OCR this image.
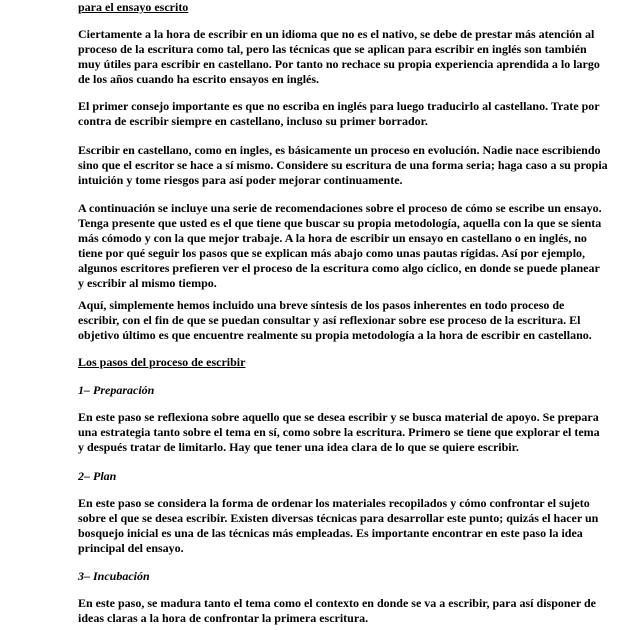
para el ensayo escrito
Ciertamente a la hora de escribir en un idioma que no es el nativo, se debe de prestar más atención al
proceso de la escritura como tal, pero las técnicas que se aplican para escribir en inglés son también
muy útiles para escribir en castellano. Por tanto no rechace su propia experiencia aprendida a lo largo
de los años cuando ha escrito ensayos en inglés.
El primer consejo importante es que no escriba en inglés para luego traducirlo al castellano. Trate por
contra de escribir siempre en castellano, incluso su primer borrador.
Escribir en castellano, como en ingles, es básicamente un proceso en evolución. Nadie nace escribiendo
sino que el escritor se hace a sí mismo. Considere su escritura de una forma seria; haga caso a su propia
intuición y tome riesgos para así poder mejorar continuamente.
A continuación se incluye una serie de recomendaciones sobre el proceso de cómo se escribe un ensayo.
Tenga presente que usted es el que tiene que buscar su propia metodología, aquella con la que se sienta
más cómodo y con la que mejor trabaje. A la hora de escribir un ensayo en castellano o en inglés, no
tiene por qué seguir los pasos que se explican más abajo como unas pautas rígidas. Así por ejemplo,
algunos escritores prefieren ver el proceso de la escritura como algo cíclico, en donde se puede planear
y escribir al mismo tiempo.
Aquí, simplemente hemos incluido una breve síntesis de los pasos inherentes en todo proceso de
escribir, con el fin de que se puedan consultar y así reflexionar sobre ese proceso de la escritura. El
objetivo último es que encuentre realmente su propia metodología a la hora de escribir en castellano.
Los pasos del proceso de escribir
1– Preparación
En este paso se reflexiona sobre aquello que se desea escribir y se busca material de apoyo. Se prepara
una estrategia tanto sobre el tema en sí, como sobre la escritura. Primero se tiene que explorar el tema
y después tratar de limitarlo. Hay que tener una idea clara de lo que se quiere escribir.
2– Plan
En este paso se considera la forma de ordenar los materiales recopilados y cómo confrontar el sujeto
sobre el que se desea escribir. Existen diversas técnicas para desarrollar este punto; quizás el hacer un
bosquejo inicial es una de las técnicas más empleadas. Es importante encontrar en este paso la idea
principal del ensayo.
3– Incubación
En este paso, se madura tanto el tema como el contexto en donde se va a escribir, para así disponer de
ideas claras a la hora de confrontar la primera escritura.
